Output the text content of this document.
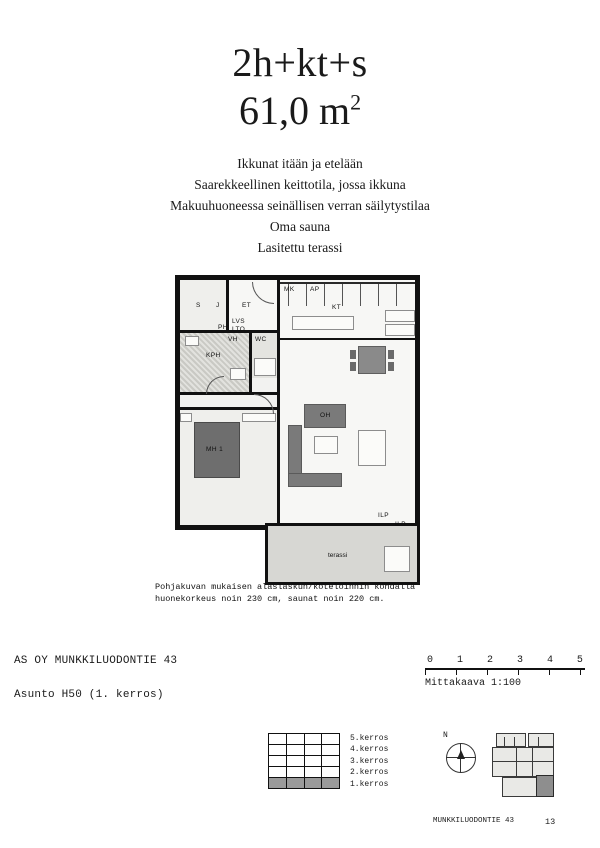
2h+kt+s
61,0 $m^2$
Ikkunat itään ja etelään
Saarekkeellinen keittotila, jossa ikkuna
Makuuhuoneessa seinällisen verran säilytystilaa
Oma sauna
Lasitettu terassi
S	ET	KT
KPH
WC
MH 1
OH
ILP
VH
PH
MK AP
LVS
J
LTO
terassi
ILP
Pohjakuvan mukaisen alaslaskun/koteloinnin kohdalla
huonekorkeus noin 230 cm, saunat noin 220 cm.
AS OY MUNKKILUODONTIE 43
Asunto H50 (1. kerros)
0 1 2 3 4 5
Mittakaava 1:100

5.kerros
4.kerros
3.kerros
2.kerros
1.kerros
N
MUNKKILUODONTIE 43	13
